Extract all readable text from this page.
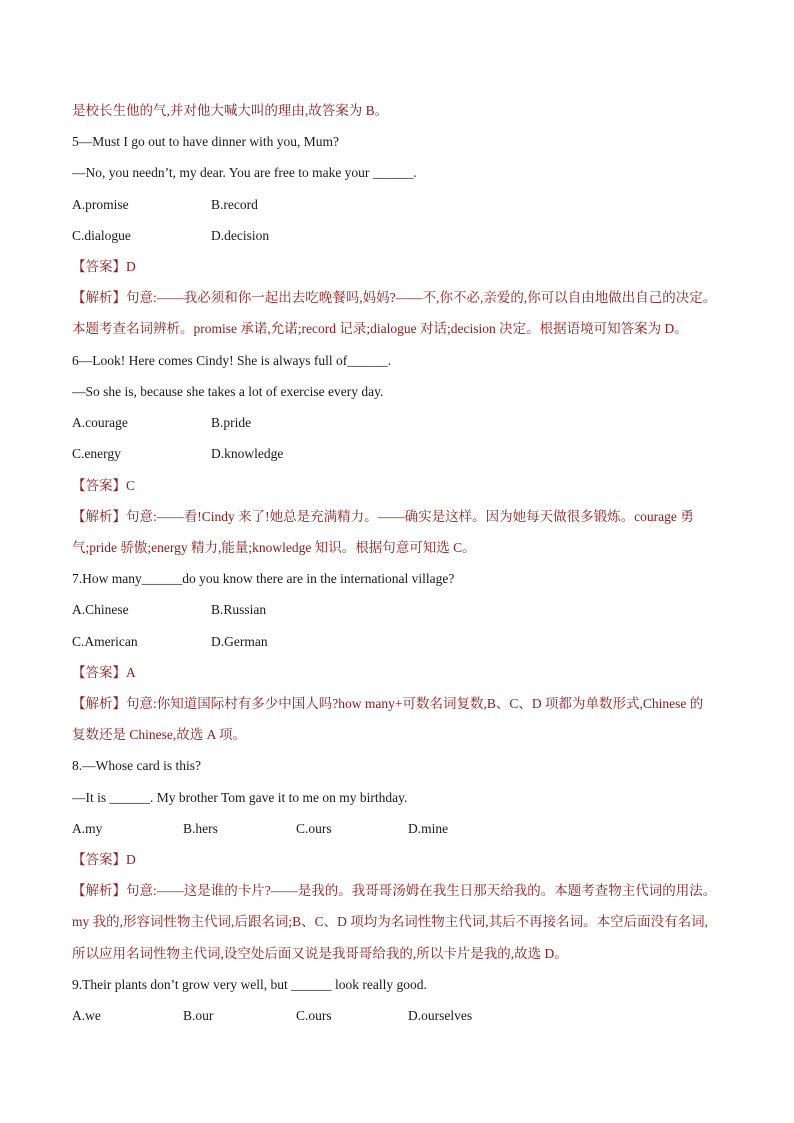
是校长生他的气,并对他大喊大叫的理由,故答案为 B。
5—Must I go out to have dinner with you, Mum?
—No, you needn’t, my dear. You are free to make your ______.
A.promise	B.record
C.dialogue	D.decision
【答案】D
【解析】句意:——我必须和你一起出去吃晚餐吗,妈妈?——不,你不必,亲爱的,你可以自由地做出自己的决定。
本题考查名词辨析。promise 承诺,允诺;record 记录;dialogue 对话;decision 决定。根据语境可知答案为 D。
6—Look! Here comes Cindy! She is always full of______.
—So she is, because she takes a lot of exercise every day.
A.courage	B.pride
C.energy	D.knowledge
【答案】C
【解析】句意:——看!Cindy 来了!她总是充满精力。——确实是这样。因为她每天做很多锻炼。courage 勇
气;pride 骄傲;energy 精力,能量;knowledge 知识。根据句意可知选 C。
7.How many______do you know there are in the international village?
A.Chinese	B.Russian
C.American	D.German
【答案】A
【解析】句意:你知道国际村有多少中国人吗?how many+可数名词复数,B、C、D 项都为单数形式,Chinese 的
复数还是 Chinese,故选 A 项。
8.—Whose card is this?
—It is ______. My brother Tom gave it to me on my birthday.
A.my	B.hers	C.ours	D.mine
【答案】D
【解析】句意:——这是谁的卡片?——是我的。我哥哥汤姆在我生日那天给我的。本题考查物主代词的用法。
my 我的,形容词性物主代词,后跟名词;B、C、D 项均为名词性物主代词,其后不再接名词。本空后面没有名词,
所以应用名词性物主代词,设空处后面又说是我哥哥给我的,所以卡片是我的,故选 D。
9.Their plants don’t grow very well, but ______ look really good.
A.we	B.our	C.ours	D.ourselves
